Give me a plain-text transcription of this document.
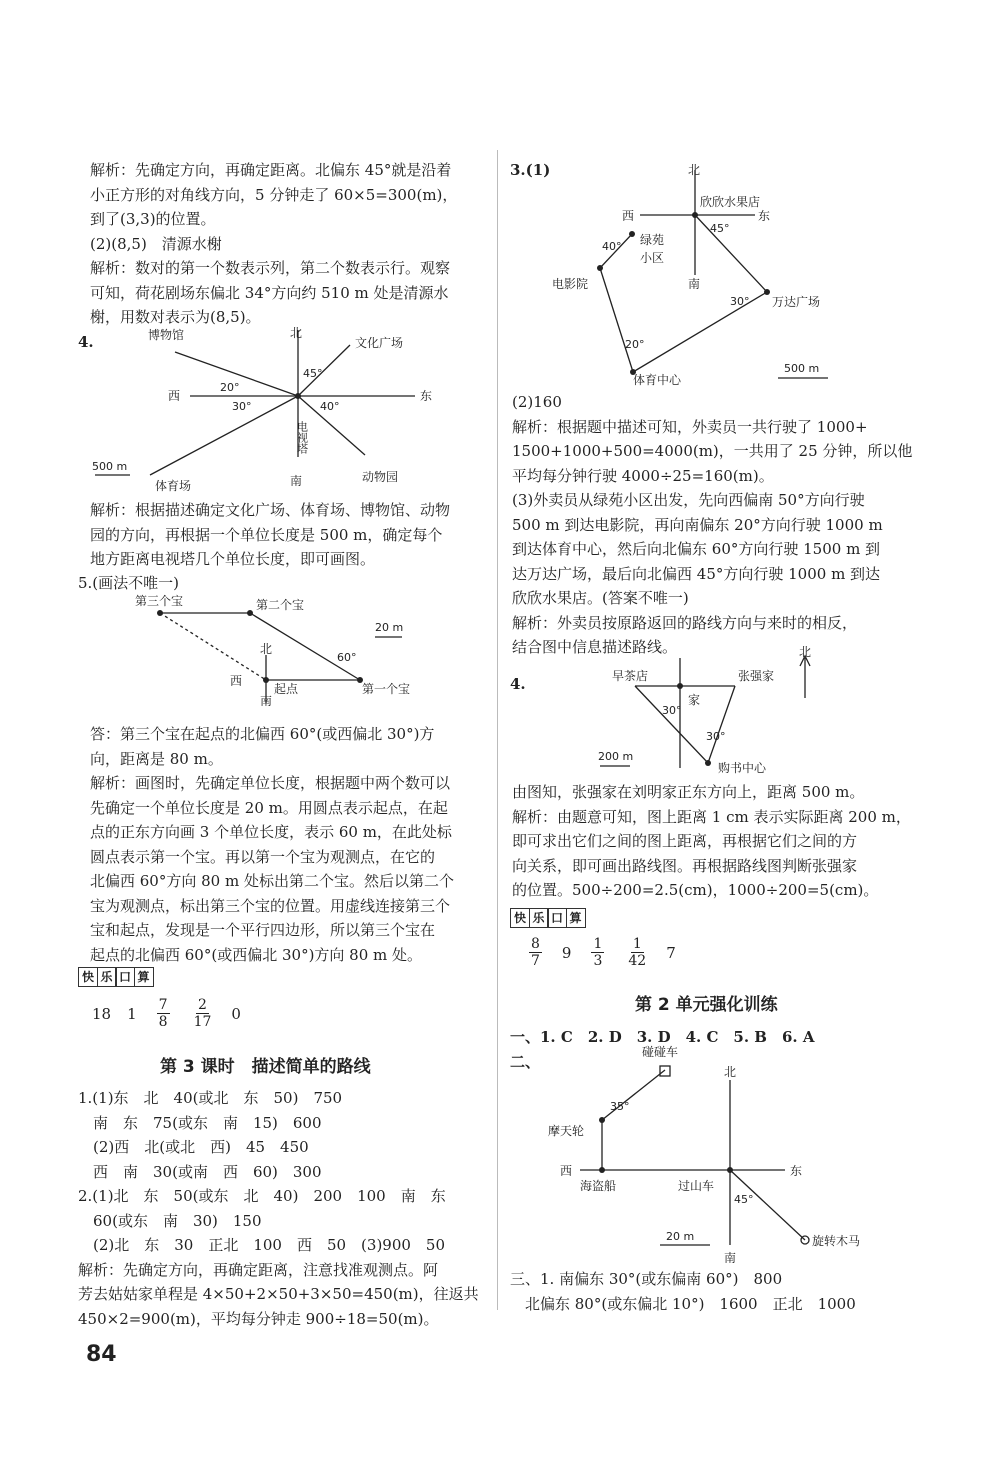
解析：先确定方向，再确定距离。北偏东 45°就是沿着

小正方形的对角线方向，5 分钟走了 60×5=300(m)，

到了(3,3)的位置。

(2)(8,5)　清源水榭

解析：数对的第一个数表示列，第二个数表示行。观察

可知，荷花剧场东偏北 34°方向约 510 m 处是清源水

榭，用数对表示为(8,5)。

4.	北
南
西	东
博物馆
文化广场
体育场
动物园
20°
30°
45°
40°
500 m
电视塔

解析：根据描述确定文化广场、体育场、博物馆、动物

园的方向，再根据一个单位长度是 500 m，确定每个

地方距离电视塔几个单位长度，即可画图。

5.(画法不唯一)
第三个宝	第二个宝
第一个宝
起点
北
南
西
60°
20 m

答：第三个宝在起点的北偏西 60°(或西偏北 30°)方

向，距离是 80 m。

解析：画图时，先确定单位长度，根据题中两个数可以

先确定一个单位长度是 20 m。用圆点表示起点，在起

点的正东方向画 3 个单位长度，表示 60 m，在此处标

圆点表示第一个宝。再以第一个宝为观测点，在它的

北偏西 60°方向 80 m 处标出第二个宝。然后以第二个

宝为观测点，标出第三个宝的位置。用虚线连接第三个

宝和起点，发现是一个平行四边形，所以第三个宝在

起点的北偏西 60°(或西偏北 30°)方向 80 m 处。

快 乐 口 算
18 $1 \frac{7}{8} \frac{2}{17} 0$
第 3 课时　描述简单的路线

1.(1)东　北　40(或北　东　50)　750

　南　东　75(或东　南　15)　600

　(2)西　北(或北　西)　45　450

　西　南　30(或南　西　60)　300

2.(1)北　东　50(或东　北　40)　200　100　南　东

　60(或东　南　30)　150

　(2)北　东　30　正北　100　西　50　(3)900　50

解析：先确定方向，再确定距离，注意找准观测点。阿

芳去姑姑家单程是 4×50+2×50+3×50=450(m)，往返共

450×2=900(m)，平均每分钟走 900÷18=50(m)。

84
3.(1)	北
南
西	东
欣欣水果店
绿苑
小区
电影院
万达广场
体育中心
45°
40°
30°
20°
500 m

(2)160

解析：根据题中描述可知，外卖员一共行驶了 1000+

1500+1000+500=4000(m)，一共用了 25 分钟，所以他

平均每分钟行驶 4000÷25=160(m)。

(3)外卖员从绿苑小区出发，先向西偏南 50°方向行驶

500 m 到达电影院，再向南偏东 20°方向行驶 1000 m

到达体育中心，然后向北偏东 60°方向行驶 1500 m 到

达万达广场，最后向北偏西 45°方向行驶 1000 m 到达

欣欣水果店。(答案不唯一)

解析：外卖员按原路返回的路线方向与来时的相反，

结合图中信息描述路线。

4.	早茶店	张强家
家
购书中心
北
30°
30°
200 m

由图知，张强家在刘明家正东方向上，距离 500 m。

解析：由题意可知，图上距离 1 cm 表示实际距离 200 m，

即可求出它们之间的图上距离，再根据它们之间的方

向关系，即可画出路线图。再根据路线图判断张强家

的位置。500÷200=2.5(cm)，1000÷200=5(cm)。

快 乐 口 算
$\frac{8}{7} 9 \frac{1}{3} \frac{1}{42} 7$
第 2 单元强化训练

一、1. C　2. D　3. D　4. C　5. B　6. A

二、

碰碰车
摩天轮
海盗船	过山车
旋转木马
北
南
西	东
35°
45°
20 m

三、1. 南偏东 30°(或东偏南 60°)　800

　北偏东 80°(或东偏北 10°)　1600　正北　1000
